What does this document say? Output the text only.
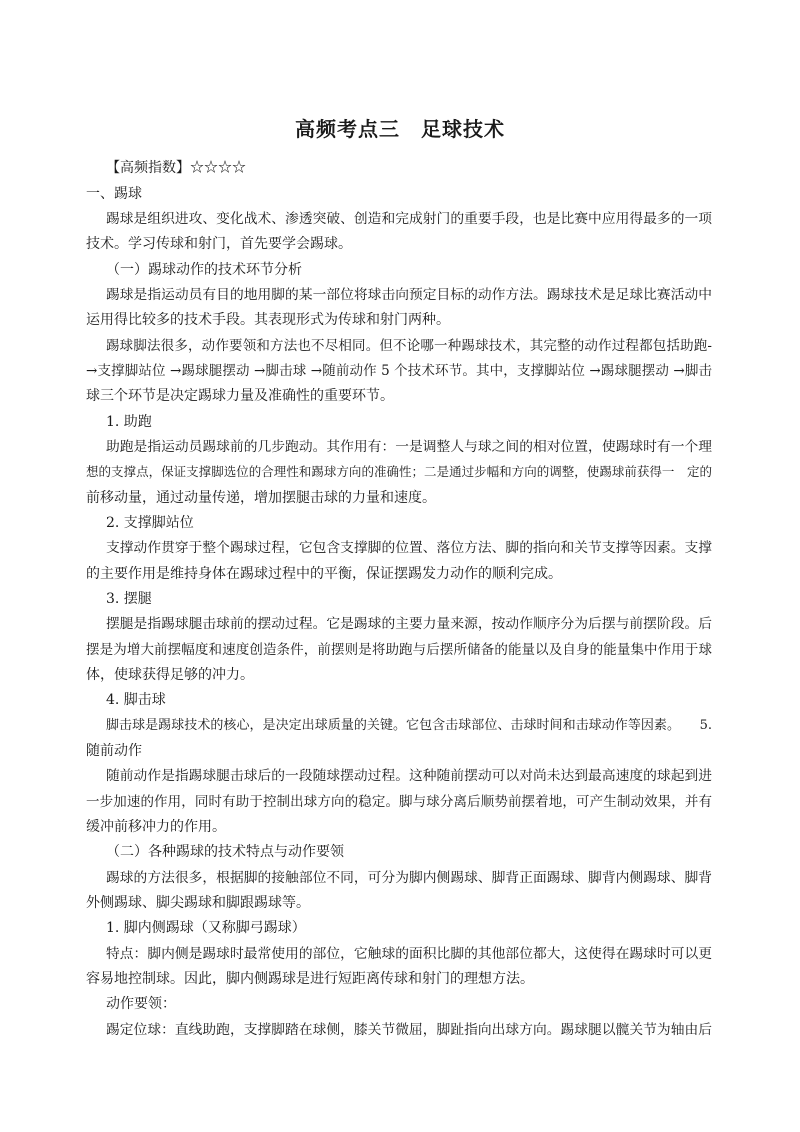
高频考点三　足球技术
【高频指数】☆☆☆☆
一、踢球
踢球是组织进攻、变化战术、渗透突破、创造和完成射门的重要手段，也是比赛中应用得最多的一项
技术。学习传球和射门，首先要学会踢球。
（一）踢球动作的技术环节分析
踢球是指运动员有目的地用脚的某一部位将球击向预定目标的动作方法。踢球技术是足球比赛活动中
运用得比较多的技术手段。其表现形式为传球和射门两种。
踢球脚法很多，动作要领和方法也不尽相同。但不论哪一种踢球技术，其完整的动作过程都包括助跑-
→支撑脚站位 →踢球腿摆动 →脚击球 →随前动作 5 个技术环节。其中，支撑脚站位 →踢球腿摆动 →脚击
球三个环节是决定踢球力量及准确性的重要环节。
1. 助跑
助跑是指运动员踢球前的几步跑动。其作用有：一是调整人与球之间的相对位置，使踢球时有一个理
想的支撑点，保证支撑脚选位的合理性和踢球方向的准确性；二是通过步幅和方向的调整，使踢球前获得一　定的
前移动量，通过动量传递，增加摆腿击球的力量和速度。
2. 支撑脚站位
支撑动作贯穿于整个踢球过程，它包含支撑脚的位置、落位方法、脚的指向和关节支撑等因素。支撑
的主要作用是维持身体在踢球过程中的平衡，保证摆踢发力动作的顺利完成。
3. 摆腿
摆腿是指踢球腿击球前的摆动过程。它是踢球的主要力量来源，按动作顺序分为后摆与前摆阶段。后
摆是为增大前摆幅度和速度创造条件，前摆则是将助跑与后摆所储备的能量以及自身的能量集中作用于球
体，使球获得足够的冲力。
4. 脚击球
脚击球是踢球技术的核心，是决定出球质量的关键。它包含击球部位、击球时间和击球动作等因素。　　5.
随前动作
随前动作是指踢球腿击球后的一段随球摆动过程。这种随前摆动可以对尚未达到最高速度的球起到进
一步加速的作用，同时有助于控制出球方向的稳定。脚与球分离后顺势前摆着地，可产生制动效果，并有
缓冲前移冲力的作用。
（二）各种踢球的技术特点与动作要领
踢球的方法很多，根据脚的接触部位不同，可分为脚内侧踢球、脚背正面踢球、脚背内侧踢球、脚背
外侧踢球、脚尖踢球和脚跟踢球等。
1. 脚内侧踢球（又称脚弓踢球）
特点：脚内侧是踢球时最常使用的部位，它触球的面积比脚的其他部位都大，这使得在踢球时可以更
容易地控制球。因此，脚内侧踢球是进行短距离传球和射门的理想方法。
动作要领：
踢定位球：直线助跑，支撑脚踏在球侧，膝关节微屈，脚趾指向出球方向。踢球腿以髋关节为轴由后
